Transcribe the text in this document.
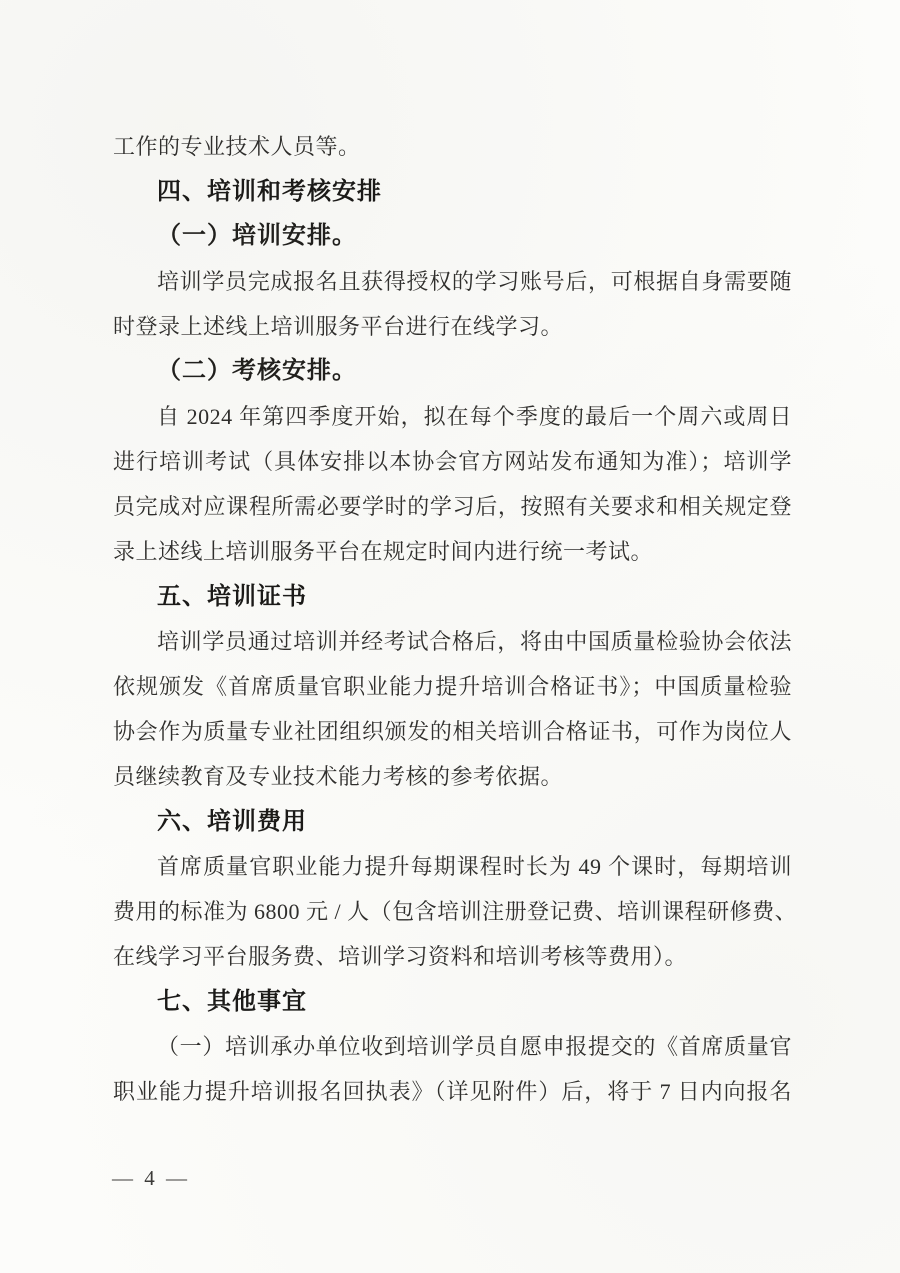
工作的专业技术人员等。
四、培训和考核安排
（一）培训安排。
培训学员完成报名且获得授权的学习账号后，可根据自身需要随
时登录上述线上培训服务平台进行在线学习。
（二）考核安排。
自 2024 年第四季度开始，拟在每个季度的最后一个周六或周日
进行培训考试（具体安排以本协会官方网站发布通知为准）；培训学
员完成对应课程所需必要学时的学习后，按照有关要求和相关规定登
录上述线上培训服务平台在规定时间内进行统一考试。
五、培训证书
培训学员通过培训并经考试合格后，将由中国质量检验协会依法
依规颁发《首席质量官职业能力提升培训合格证书》；中国质量检验
协会作为质量专业社团组织颁发的相关培训合格证书，可作为岗位人
员继续教育及专业技术能力考核的参考依据。
六、培训费用
首席质量官职业能力提升每期课程时长为 49 个课时，每期培训
费用的标准为 6800 元 / 人（包含培训注册登记费、培训课程研修费、
在线学习平台服务费、培训学习资料和培训考核等费用）。
七、其他事宜
（一）培训承办单位收到培训学员自愿申报提交的《首席质量官
职业能力提升培训报名回执表》（详见附件）后，将于 7 日内向报名
— 4 —
